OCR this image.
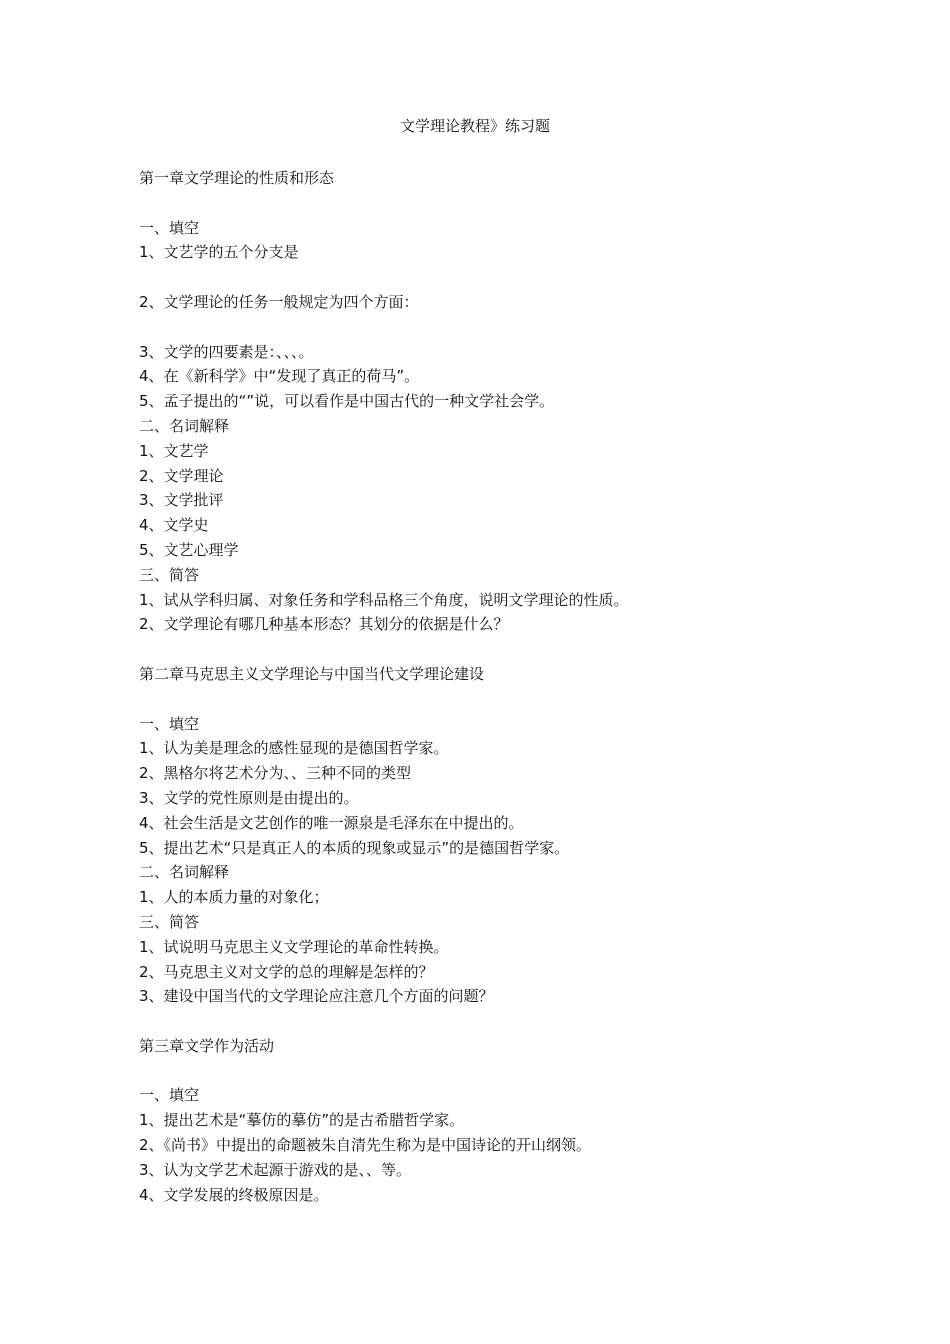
文学理论教程》练习题
第一章文学理论的性质和形态
一、填空
1、文艺学的五个分支是
2、文学理论的任务一般规定为四个方面：
3、文学的四要素是：、、、。
4、在《新科学》中“发现了真正的荷马”。
5、孟子提出的“”说，可以看作是中国古代的一种文学社会学。
二、名词解释
1、文艺学
2、文学理论
3、文学批评
4、文学史
5、文艺心理学
三、简答
1、试从学科归属、对象任务和学科品格三个角度，说明文学理论的性质。
2、文学理论有哪几种基本形态？其划分的依据是什么？
第二章马克思主义文学理论与中国当代文学理论建设
一、填空
1、认为美是理念的感性显现的是德国哲学家。
2、黑格尔将艺术分为、、三种不同的类型
3、文学的党性原则是由提出的。
4、社会生活是文艺创作的唯一源泉是毛泽东在中提出的。
5、提出艺术“只是真正人的本质的现象或显示”的是德国哲学家。
二、名词解释
1、人的本质力量的对象化；
三、简答
1、试说明马克思主义文学理论的革命性转换。
2、马克思主义对文学的总的理解是怎样的？
3、建设中国当代的文学理论应注意几个方面的问题？
第三章文学作为活动
一、填空
1、提出艺术是“摹仿的摹仿”的是古希腊哲学家。
2、《尚书》中提出的命题被朱自清先生称为是中国诗论的开山纲领。
3、认为文学艺术起源于游戏的是、、等。
4、文学发展的终极原因是。
